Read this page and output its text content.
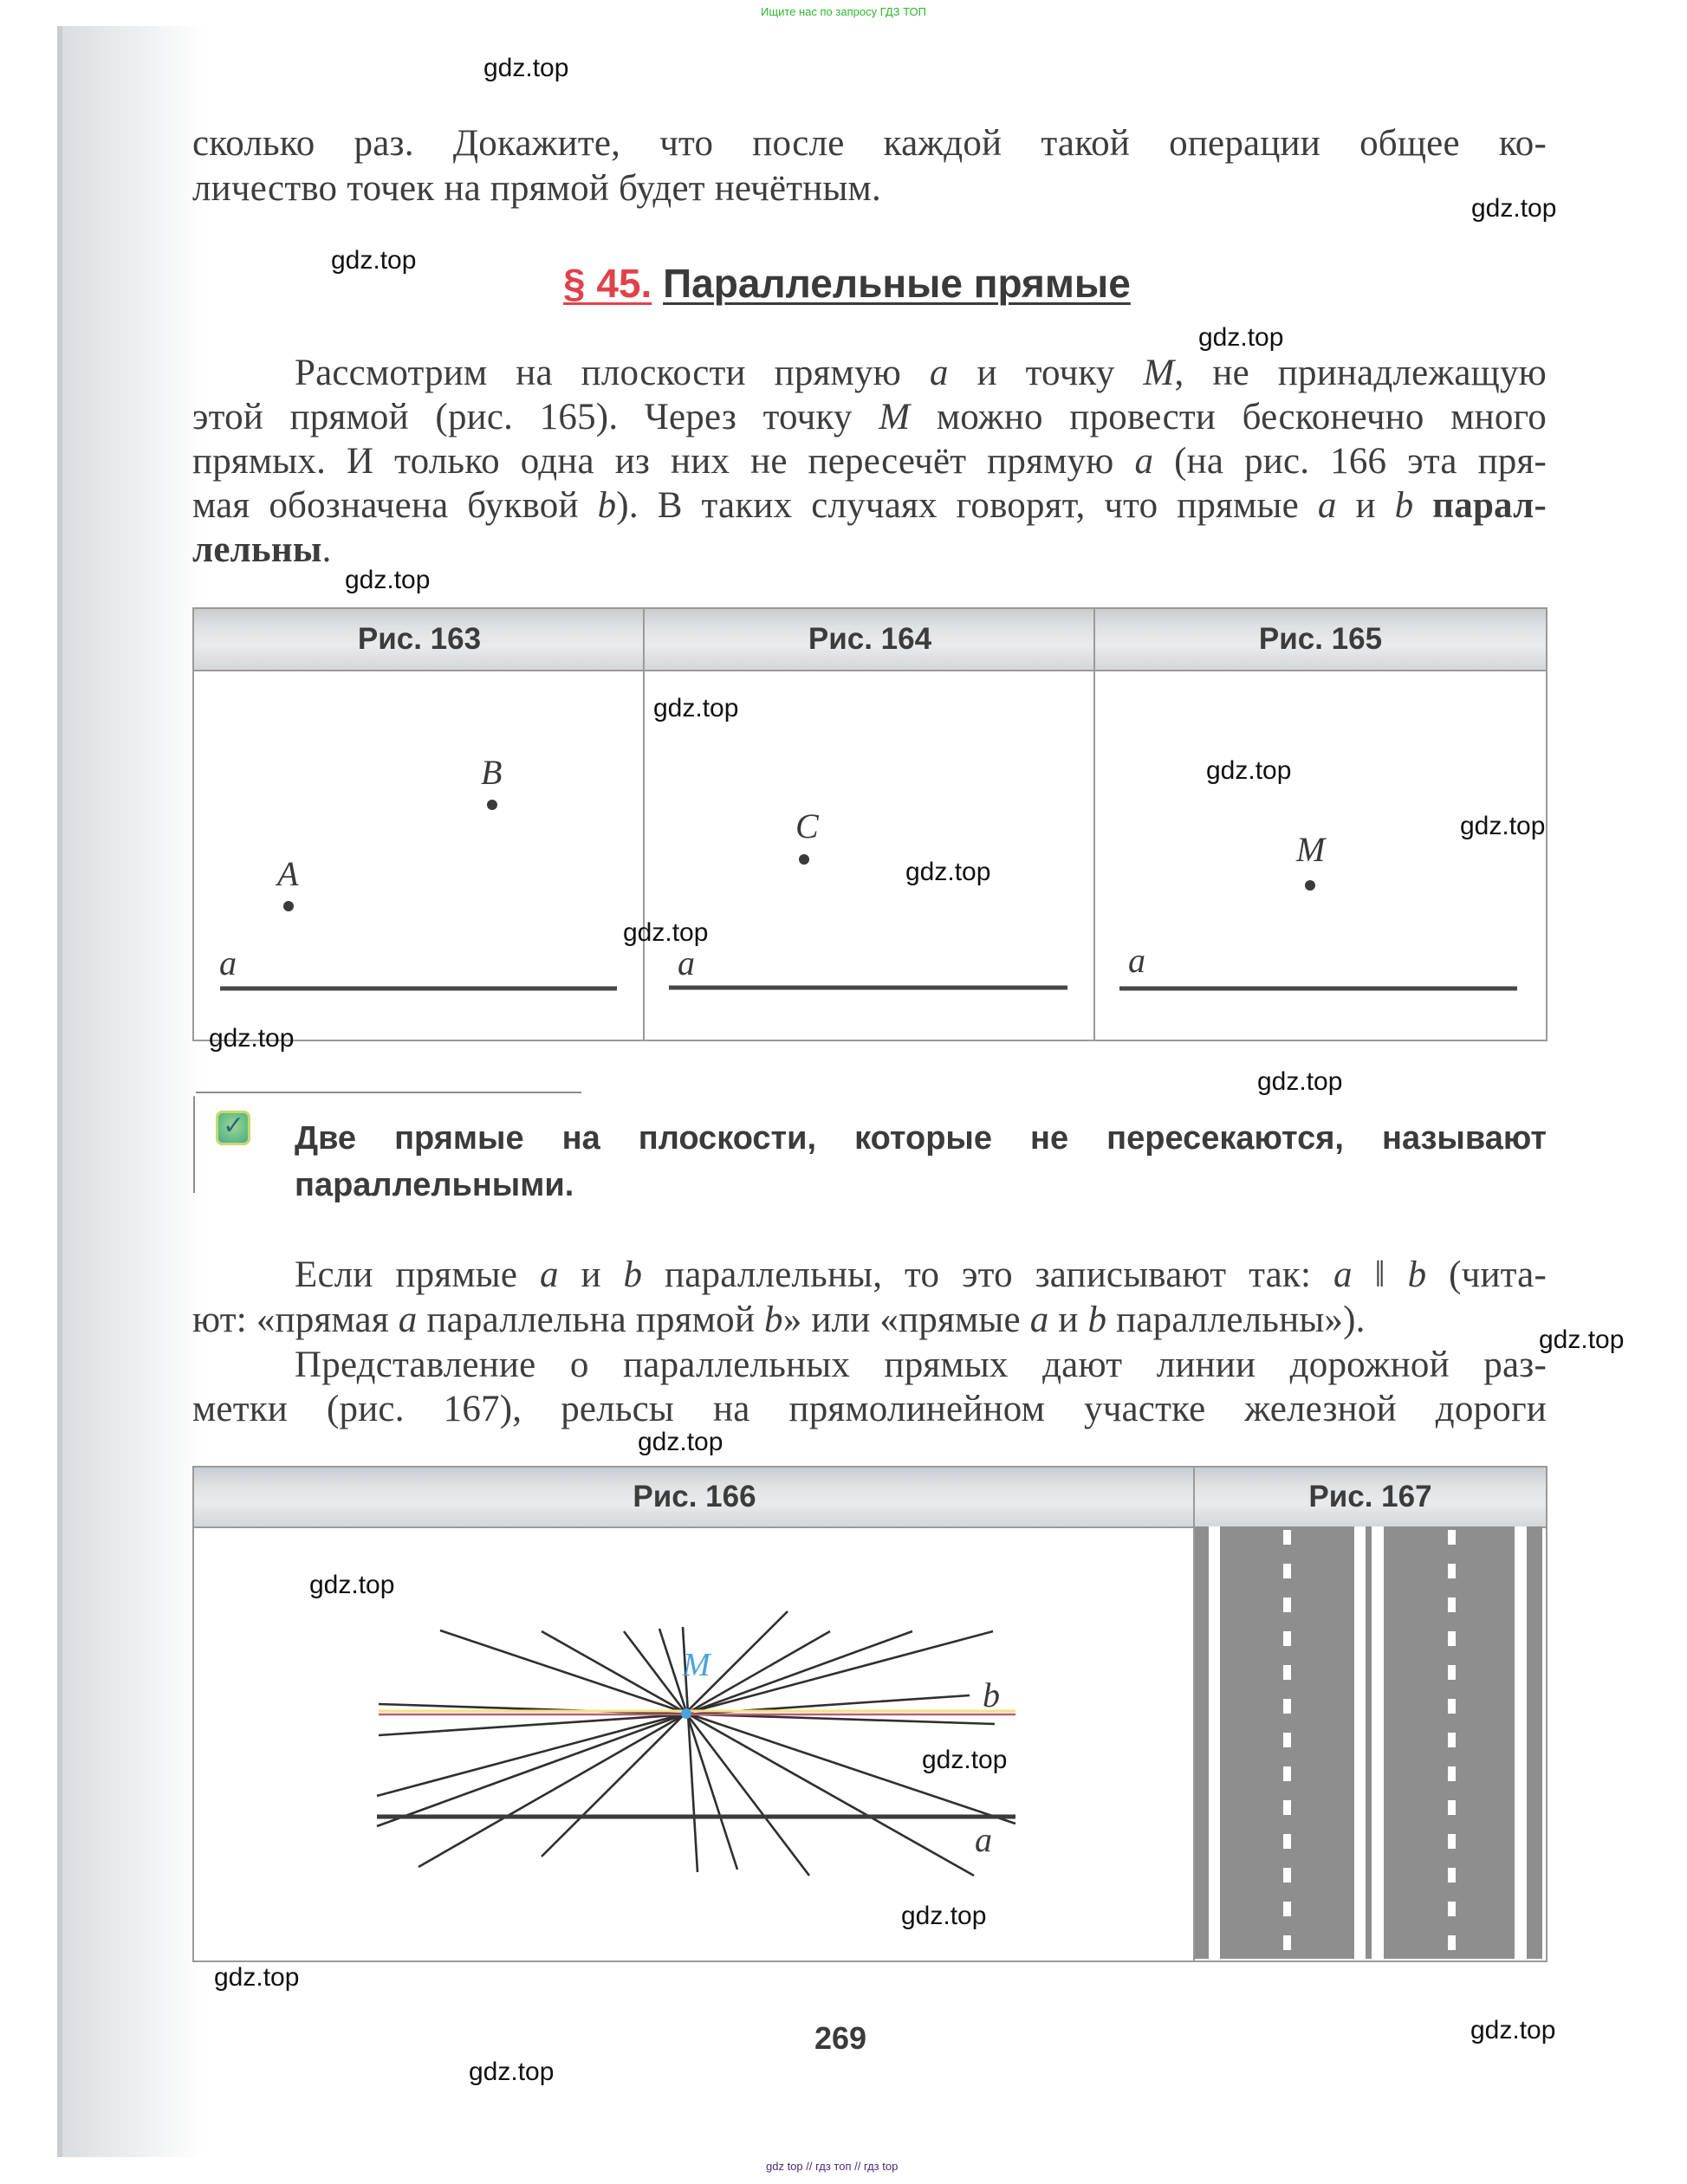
Ищите нас по запросу ГДЗ ТОП
сколько раз. Докажите, что после каждой такой операции общее ко-
личество точек на прямой будет нечётным.
§ 45. Параллельные прямые
Рассмотрим на плоскости прямую a и точку M, не принадлежащую
этой прямой (рис. 165). Через точку M можно провести бесконечно много
прямых. И только одна из них не пересечёт прямую a (на рис. 166 эта пря-
мая обозначена буквой b). В таких случаях говорят, что прямые a и b парал-
лельны.
Рис. 163	Рис. 164	Рис. 165
A
B
a
C
a
M
a
✓ Две прямые на плоскости, которые не пересекаются, называют
параллельными.
Если прямые a и b параллельны, то это записывают так: a ‖ b (чита-
ют: «прямая a параллельна прямой b» или «прямые a и b параллельны»).
Представление о параллельных прямых дают линии дорожной раз-
метки (рис. 167), рельсы на прямолинейном участке железной дороги
Рис. 166	Рис. 167
M
b
a
gdz.top
gdz.top
gdz.top
gdz.top
gdz.top
gdz.top
gdz.top
gdz.top
gdz.top
gdz.top
gdz.top
gdz.top
gdz.top
gdz.top
gdz.top
gdz.top
gdz.top
gdz.top
gdz.top
gdz.top
269
gdz top // гдз топ // гдз top
